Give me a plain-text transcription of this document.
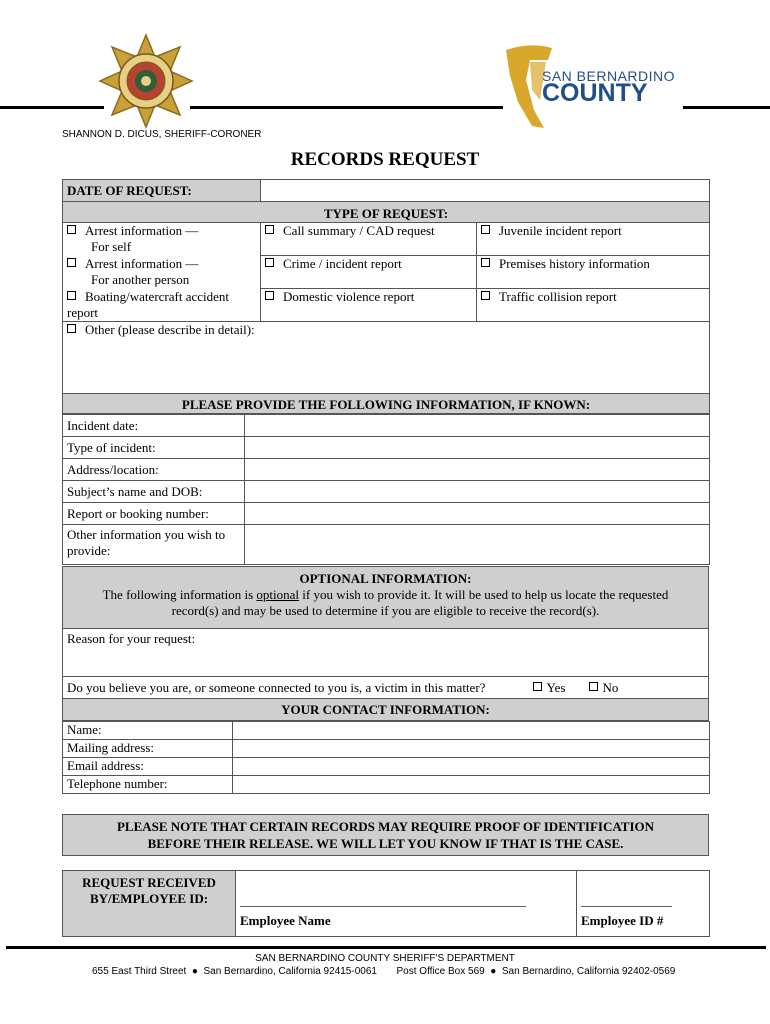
SAN BERNARDINO
COUNTY
SHANNON D. DICUS, SHERIFF-CORONER
RECORDS REQUEST
DATE OF REQUEST:		
TYPE OF REQUEST:		
Arrest information —
For self	Call summary / CAD request	Juvenile incident report
Arrest information —
For another person	Crime / incident report	Premises history information
Boating/watercraft accident
report	Domestic violence report	Traffic collision report
Other (please describe in detail):		
PLEASE PROVIDE THE FOLLOWING INFORMATION, IF KNOWN:		
Incident date:	
Type of incident:	
Address/location:	
Subject’s name and DOB:	
Report or booking number:	
Other information you wish to provide:	
OPTIONAL INFORMATION:
The following information is optional if you wish to provide it. It will be used to help us locate the requested record(s) and may be used to determine if you are eligible to receive the record(s).

Reason for your request:
Do you believe you are, or someone connected to you is, a victim in this matter?	Yes	No

YOUR CONTACT INFORMATION:
Name:	
Mailing address:	
Email address:	
Telephone number:	
PLEASE NOTE THAT CERTAIN RECORDS MAY REQUIRE PROOF OF IDENTIFICATION
BEFORE THEIR RELEASE. WE WILL LET YOU KNOW IF THAT IS THE CASE.
REQUEST RECEIVED
BY/EMPLOYEE ID:	____________________________________________
Employee Name

______________
Employee ID #
SAN BERNARDINO COUNTY SHERIFF'S DEPARTMENT
655 East Third Street  ●  San Bernardino, California 92415-0061 Post Office Box 569  ●  San Bernardino, California 92402-0569
